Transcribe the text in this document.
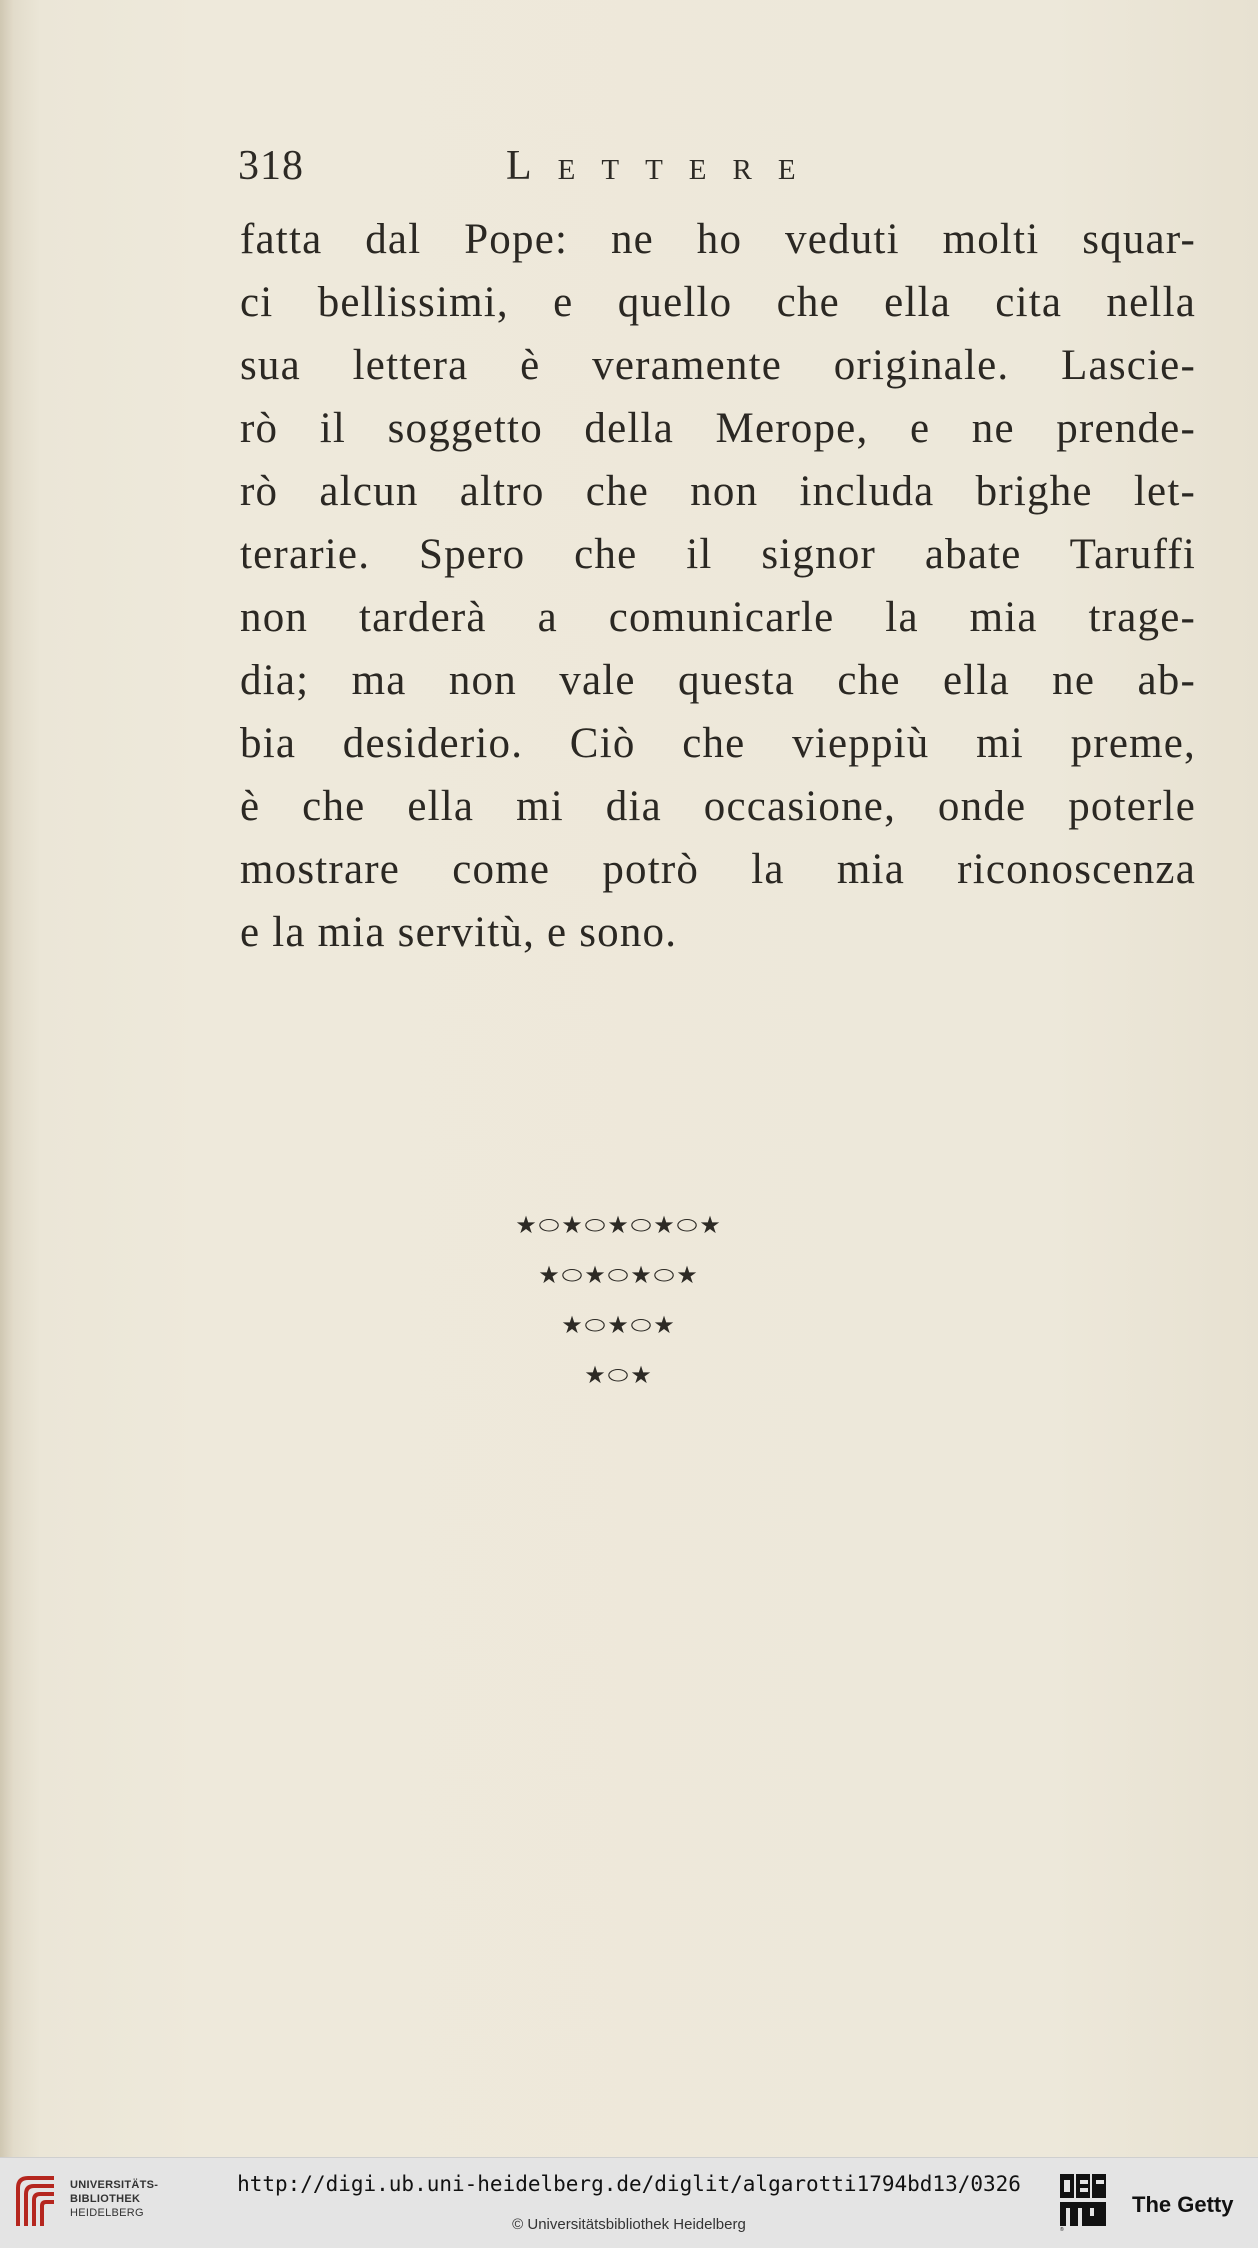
318	Lettere
fatta dal Pope: ne ho veduti molti squar-
ci bellissimi, e quello che ella cita nella
sua lettera è veramente originale. Lascie-
rò il soggetto della Merope, e ne prende-
rò alcun altro che non includa brighe let-
terarie. Spero che il signor abate Taruffi
non tarderà a comunicarle la mia trage-
dia; ma non vale questa che ella ne ab-
bia desiderio. Ciò che vieppiù mi preme,
è che ella mi dia occasione, onde poterle
mostrare come potrò la mia riconoscenza
e la mia servitù, e sono.
★⬭★⬭★⬭★⬭★
★⬭★⬭★⬭★
★⬭★⬭★
★⬭★
UNIVERSITÄTS-
BIBLIOTHEK
HEIDELBERG
http://digi.ub.uni-heidelberg.de/diglit/algarotti1794bd13/0326
© Universitätsbibliothek Heidelberg	®
The Getty
